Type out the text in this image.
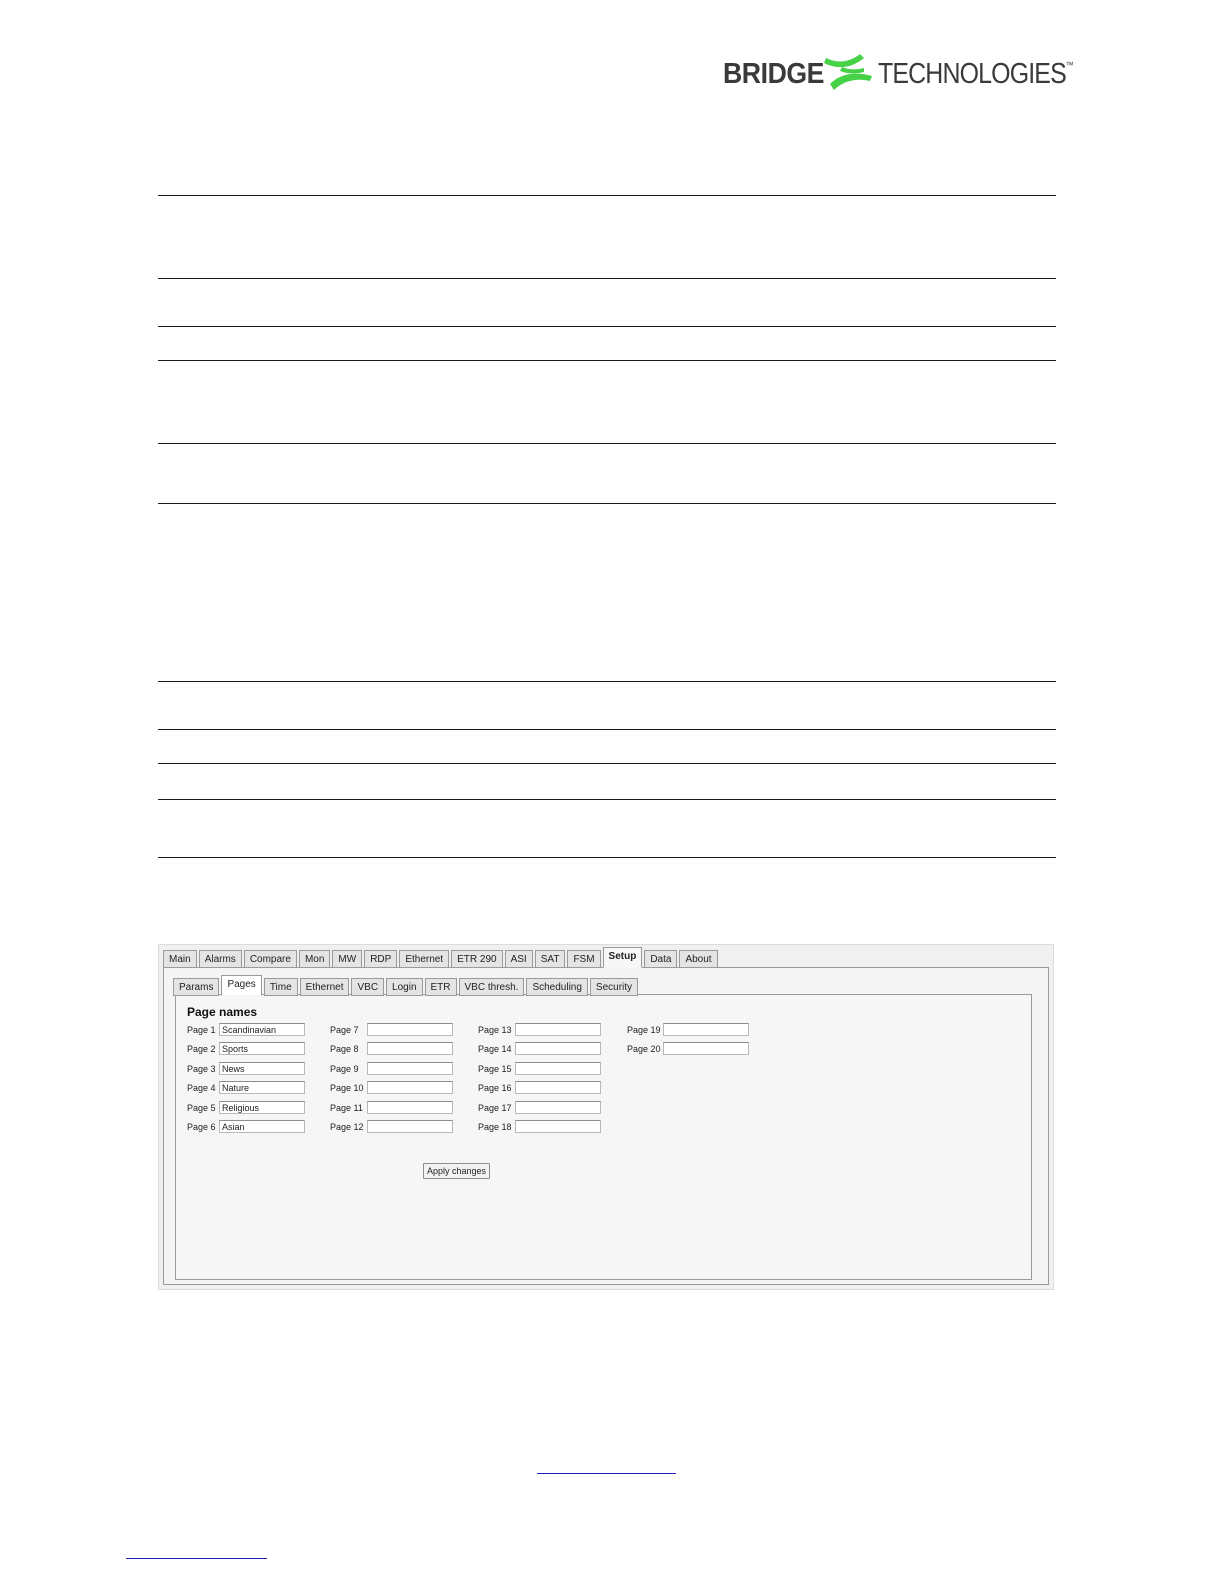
BRIDGE TECHNOLOGIES™
Main	Alarms	Compare	Mon	MW	RDP	Ethernet	ETR 290	ASI	SAT	FSM	Setup	Data	About
Page names
Page 1 Scandinavian
Page 2 Sports
Page 3 News
Page 4 Nature
Page 5 Religious
Page 6 Asian
Page 7
Page 8
Page 9
Page 10
Page 11
Page 12
Page 13
Page 14
Page 15
Page 16
Page 17
Page 18
Page 19
Page 20
Apply changes
Params	Pages	Time	Ethernet	VBC	Login	ETR	VBC thresh.	Scheduling	Security
